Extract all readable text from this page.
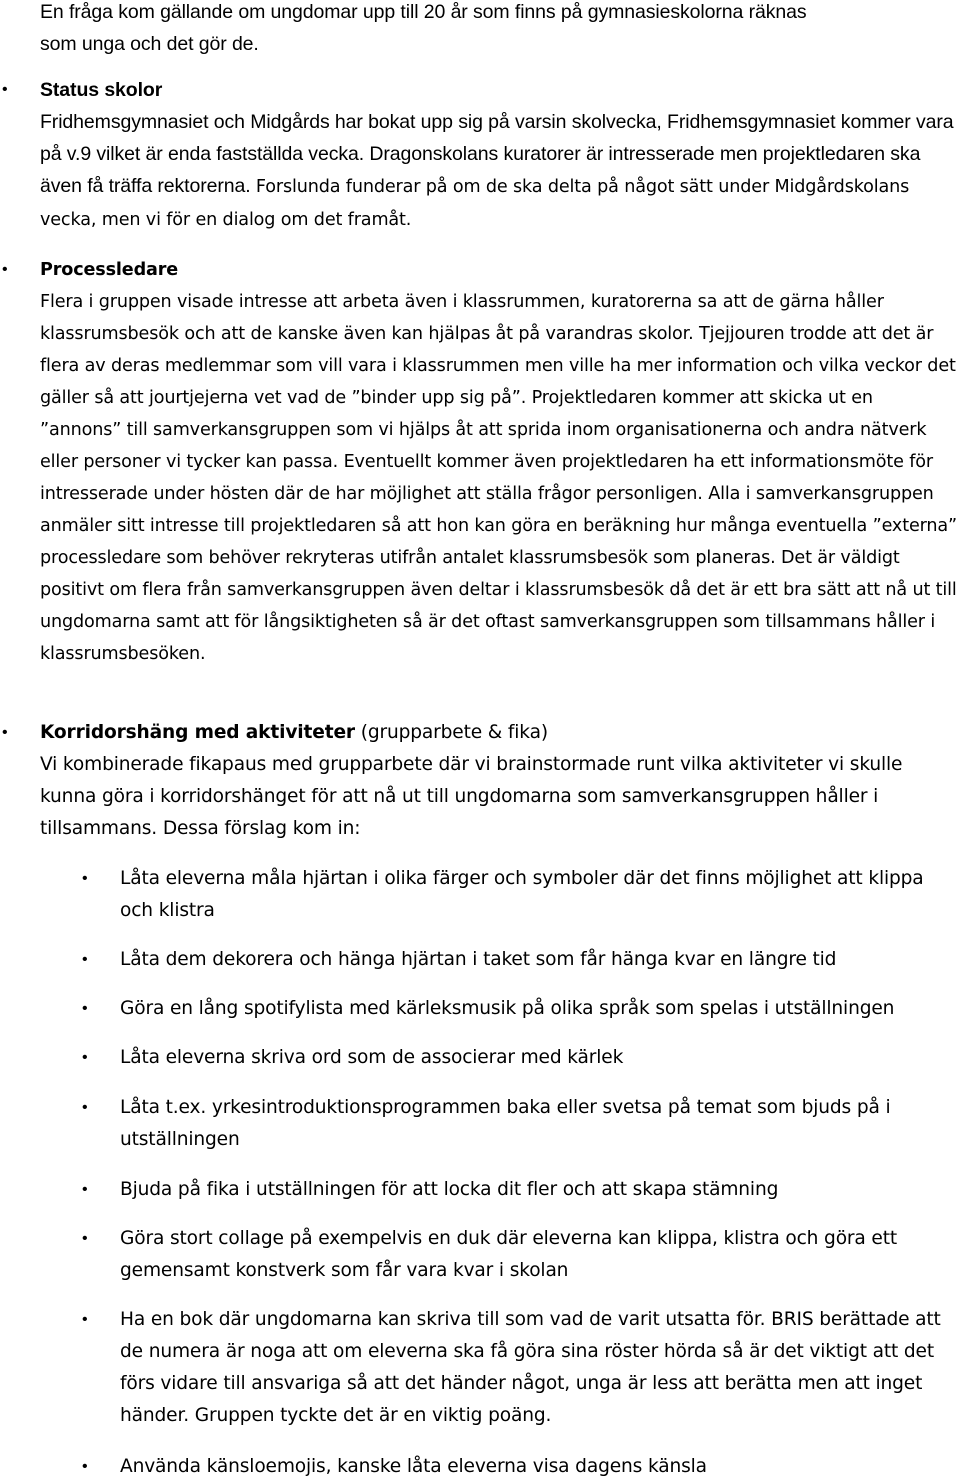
En fråga kom gällande om ungdomar upp till 20 år som finns på gymnasieskolorna räknas
som unga och det gör de.
• Status skolor
Fridhemsgymnasiet och Midgårds har bokat upp sig på varsin skolvecka, Fridhemsgymnasiet kommer vara på v.9 vilket är enda fastställda vecka. Dragonskolans kuratorer är intresserade men projektledaren ska även få träffa rektorerna. Forslunda funderar på om de ska delta på något sätt under Midgårdskolans vecka, men vi för en dialog om det framåt.
• Processledare
Flera i gruppen visade intresse att arbeta även i klassrummen, kuratorerna sa att de gärna håller klassrumsbesök och att de kanske även kan hjälpas åt på varandras skolor. Tjejjouren trodde att det är flera av deras medlemmar som vill vara i klassrummen men ville ha mer information och vilka veckor det gäller så att jourtjejerna vet vad de ”binder upp sig på”. Projektledaren kommer att skicka ut en ”annons” till samverkansgruppen som vi hjälps åt att sprida inom organisationerna och andra nätverk eller personer vi tycker kan passa. Eventuellt kommer även projektledaren ha ett informationsmöte för intresserade under hösten där de har möjlighet att ställa frågor personligen. Alla i samverkansgruppen anmäler sitt intresse till projektledaren så att hon kan göra en beräkning hur många eventuella ”externa” processledare som behöver rekryteras utifrån antalet klassrumsbesök som planeras. Det är väldigt positivt om flera från samverkansgruppen även deltar i klassrumsbesök då det är ett bra sätt att nå ut till ungdomarna samt att för långsiktigheten så är det oftast samverkansgruppen som tillsammans håller i klassrumsbesöken.
• Korridorshäng med aktiviteter (grupparbete & fika)
Vi kombinerade fikapaus med grupparbete där vi brainstormade runt vilka aktiviteter vi skulle kunna göra i korridorshänget för att nå ut till ungdomarna som samverkansgruppen håller i tillsammans. Dessa förslag kom in:
• Låta eleverna måla hjärtan i olika färger och symboler där det finns möjlighet att klippa och klistra
• Låta dem dekorera och hänga hjärtan i taket som får hänga kvar en längre tid
• Göra en lång spotifylista med kärleksmusik på olika språk som spelas i utställningen
• Låta eleverna skriva ord som de associerar med kärlek
• Låta t.ex. yrkesintroduktionsprogrammen baka eller svetsa på temat som bjuds på i utställningen
• Bjuda på fika i utställningen för att locka dit fler och att skapa stämning
• Göra stort collage på exempelvis en duk där eleverna kan klippa, klistra och göra ett gemensamt konstverk som får vara kvar i skolan
• Ha en bok där ungdomarna kan skriva till som vad de varit utsatta för. BRIS berättade att de numera är noga att om eleverna ska få göra sina röster hörda så är det viktigt att det förs vidare till ansvariga så att det händer något, unga är less att berätta men att inget händer. Gruppen tyckte det är en viktig poäng.
• Använda känsloemojis, kanske låta eleverna visa dagens känsla
